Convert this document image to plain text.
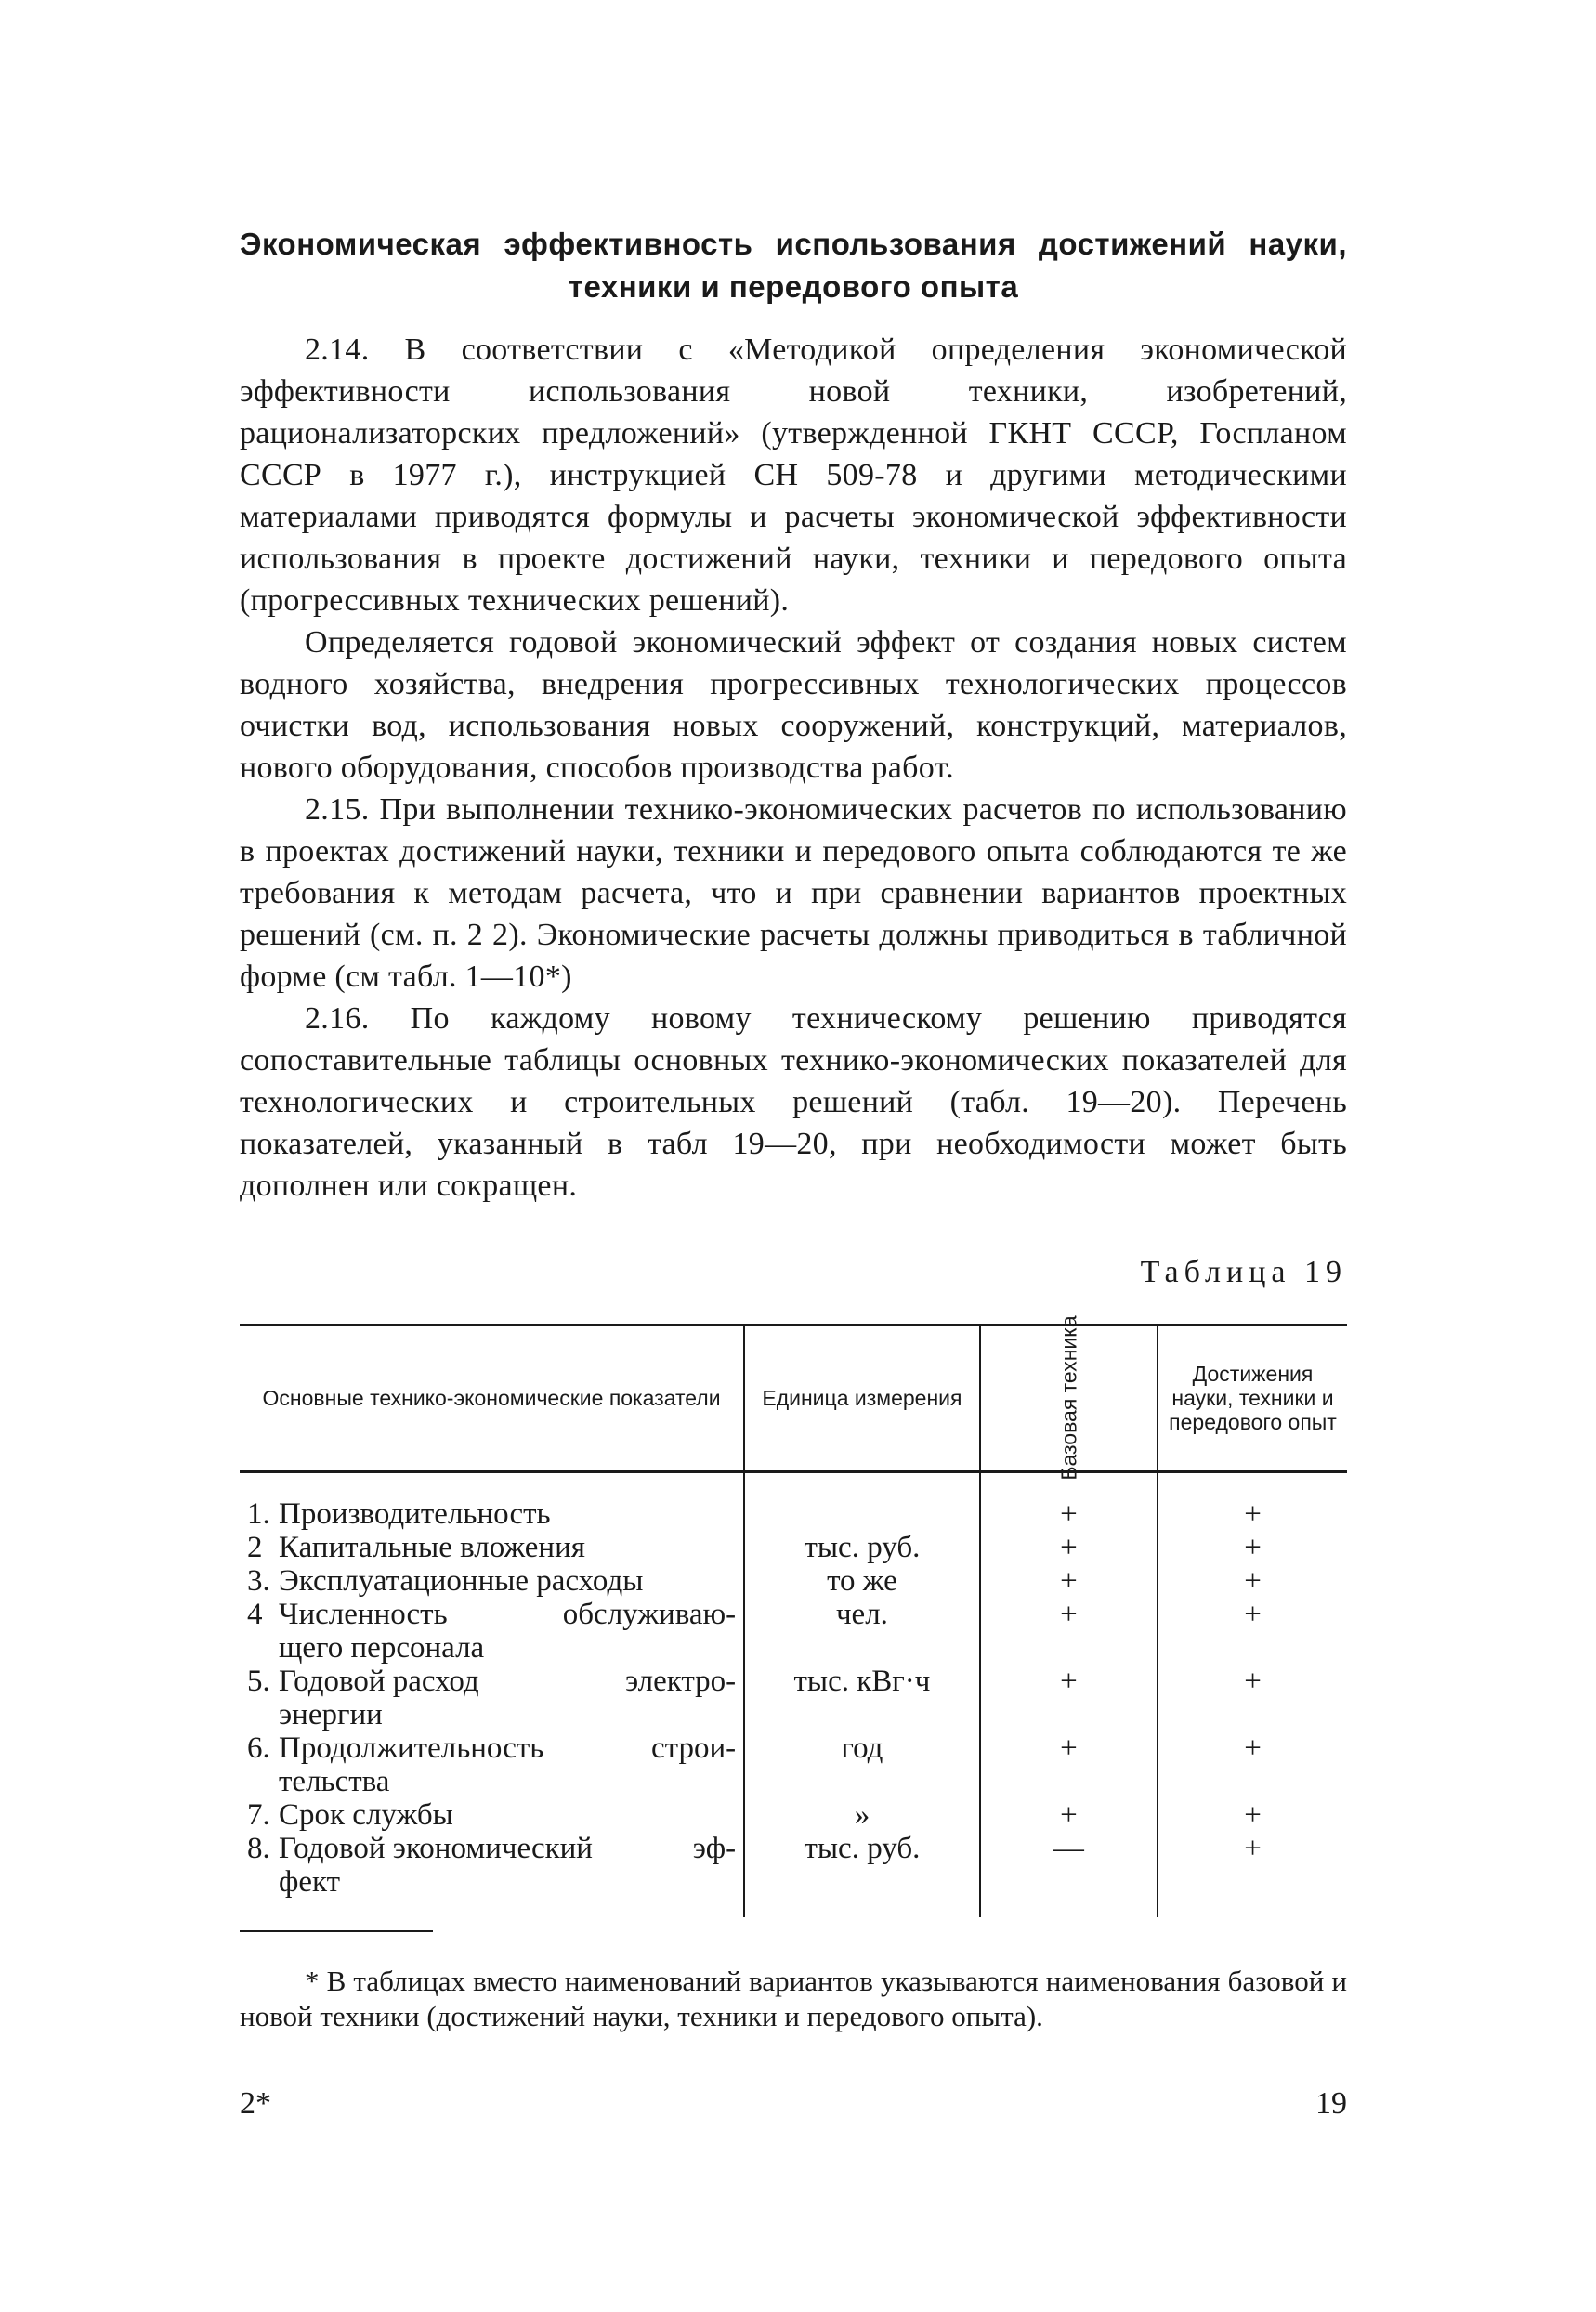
Экономическая эффективность использования достижений науки,
техники и передового опыта

2.14. В соответствии с «Методикой определения экономической эффективности использования новой техники, изобретений, рационализаторских предложений» (утвержденной ГКНТ СССР, Госпланом СССР в 1977 г.), инструкцией СН 509-78 и другими методическими материалами приводятся формулы и расчеты экономической эффективности использования в проекте достижений науки, техники и передового опыта (прогрессивных технических решений).

Определяется годовой экономический эффект от создания новых систем водного хозяйства, внедрения прогрессивных технологических процессов очистки вод, использования новых сооружений, конструкций, материалов, нового оборудования, способов производства работ.

2.15. При выполнении технико-экономических расчетов по использованию в проектах достижений науки, техники и передового опыта соблюдаются те же требования к методам расчета, что и при сравнении вариантов проектных решений (см. п. 2 2). Экономические расчеты должны приводиться в табличной форме (см табл. 1—10*)

2.16. По каждому новому техническому решению приводятся сопоставительные таблицы основных технико-экономических показателей для технологических и строительных решений (табл. 19—20). Перечень показателей, указанный в табл 19—20, при необходимости может быть дополнен или сокращен.

Таблица 19
Основные технико-экономические показатели	Единица измерения	Базовая техника	Достижения науки, техники и передового опыт
1. Производительность		+	+
2 Капитальные вложения	тыс. руб.	+	+
3. Эксплуатационные расходы	то же	+	+

4 Численность обслуживаю-
щего персонала	чел.	+	+

5. Годовой расход электро-
энергии	тыс. кВг·ч	+	+

6. Продолжительность строи-
тельства	год	+	+
7. Срок службы	»	+	+

8. Годовой экономический эф-
фект	тыс. руб.	—	+

* В таблицах вместо наименований вариантов указываются наименования базовой и новой техники (достижений науки, техники и передового опыта).

2*	19
